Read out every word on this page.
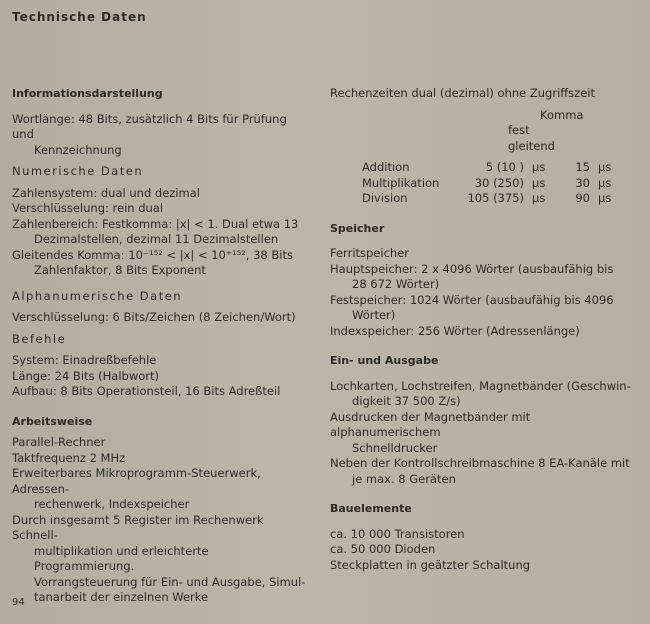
Technische Daten

Informationsdarstellung

Wortlänge: 48 Bits, zusätzlich 4 Bits für Prüfung und

Kennzeichnung

Numerische Daten

Zahlensystem: dual und dezimal

Verschlüsselung: rein dual

Zahlenbereich: Festkomma: |x| < 1. Dual etwa 13

Dezimalstellen, dezimal 11 Dezimalstellen

Gleitendes Komma: 10⁻¹⁵² < |x| < 10⁺¹⁵², 38 Bits

Zahlenfaktor, 8 Bits Exponent

Alphanumerische Daten

Verschlüsselung: 6 Bits/Zeichen (8 Zeichen/Wort)

Befehle

System: Einadreßbefehle

Länge: 24 Bits (Halbwort)

Aufbau: 8 Bits Operationsteil, 16 Bits Adreßteil

Arbeitsweise

Parallel-Rechner

Taktfrequenz 2 MHz

Erweiterbares Mikroprogramm-Steuerwerk, Adressen-

rechenwerk, Indexspeicher

Durch insgesamt 5 Register im Rechenwerk Schnell-

multiplikation und erleichterte Programmierung.

Vorrangsteuerung für Ein- und Ausgabe, Simul-

tanarbeit der einzelnen Werke

Rechenzeiten dual (dezimal) ohne Zugriffszeit

Komma

festgleitend

Addition	5 (10 )	µs	15	µs
Multiplikation	30 (250)	µs	30	µs
Division	105 (375)	µs	90	µs

Speicher

Ferritspeicher

Hauptspeicher: 2 x 4096 Wörter (ausbaufähig bis

28 672 Wörter)

Festspeicher: 1024 Wörter (ausbaufähig bis 4096

Wörter)

Indexspeicher: 256 Wörter (Adressenlänge)

Ein- und Ausgabe

Lochkarten, Lochstreifen, Magnetbänder (Geschwin-

digkeit 37 500 Z/s)

Ausdrucken der Magnetbänder mit alphanumerischem

Schnelldrucker

Neben der Kontrollschreibmaschine 8 EA-Kanäle mit

je max. 8 Geräten

Bauelemente

ca. 10 000 Transistoren

ca. 50 000 Dioden

Steckplatten in geätzter Schaltung

94
